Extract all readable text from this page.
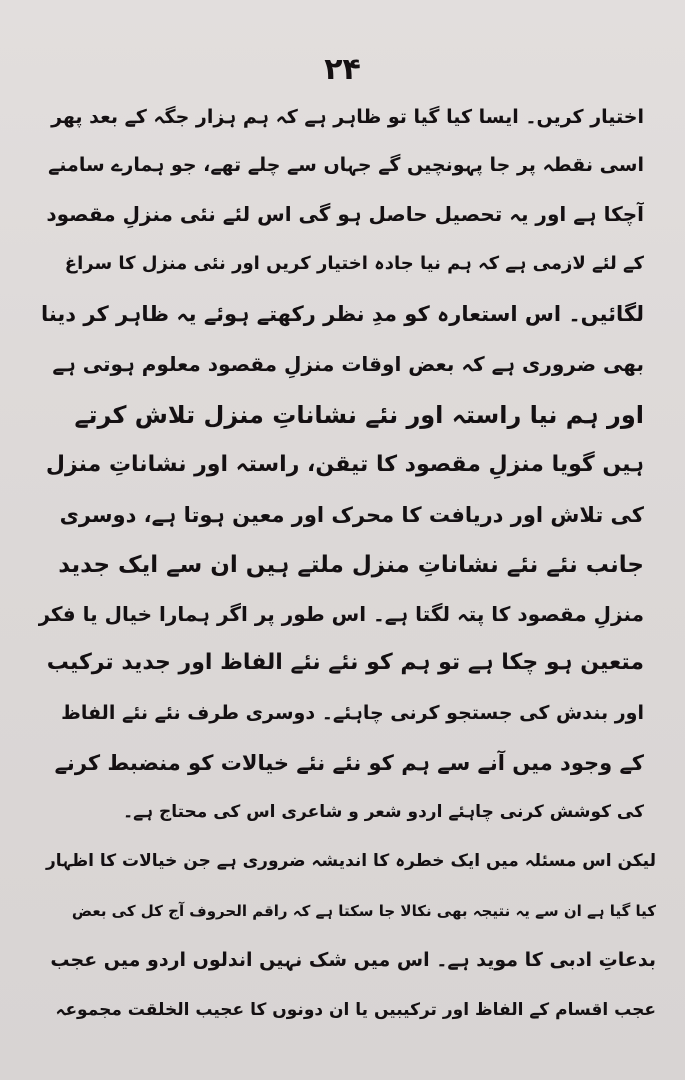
۲۴
اختیار کریں۔ ایسا کیا گیا تو ظاہر ہے کہ ہم ہزار جگہ کے بعد پھر
اسی نقطہ پر جا پہونچیں گے جہاں سے چلے تھے، جو ہمارے سامنے
آچکا ہے اور یہ تحصیل حاصل ہو گی اس لئے نئی منزلِ مقصود
کے لئے لازمی ہے کہ ہم نیا جادہ اختیار کریں اور نئی منزل کا سراغ
لگائیں۔ اس استعارہ کو مدِ نظر رکھتے ہوئے یہ ظاہر کر دینا
بھی ضروری ہے کہ بعض اوقات منزلِ مقصود معلوم ہوتی ہے
اور ہم نیا راستہ اور نئے نشاناتِ منزل تلاش کرتے
ہیں گویا منزلِ مقصود کا تیقن، راستہ اور نشاناتِ منزل
کی تلاش اور دریافت کا محرک اور معین ہوتا ہے، دوسری
جانب نئے نئے نشاناتِ منزل ملتے ہیں ان سے ایک جدید
منزلِ مقصود کا پتہ لگتا ہے۔ اس طور پر اگر ہمارا خیال یا فکر
متعین ہو چکا ہے تو ہم کو نئے نئے الفاظ اور جدید ترکیب
اور بندش کی جستجو کرنی چاہئے۔ دوسری طرف نئے نئے الفاظ
کے وجود میں آنے سے ہم کو نئے نئے خیالات کو منضبط کرنے
کی کوشش کرنی چاہئے اردو شعر و شاعری اس کی محتاج ہے۔
لیکن اس مسئلہ میں ایک خطرہ کا اندیشہ ضروری ہے جن خیالات کا اظہار
کیا گیا ہے ان سے یہ نتیجہ بھی نکالا جا سکتا ہے کہ راقم الحروف آج کل کی بعض
بدعاتِ ادبی کا موید ہے۔ اس میں شک نہیں اندلوں اردو میں عجب
عجب اقسام کے الفاظ اور ترکیبیں یا ان دونوں کا عجیب الخلقت مجموعہ
